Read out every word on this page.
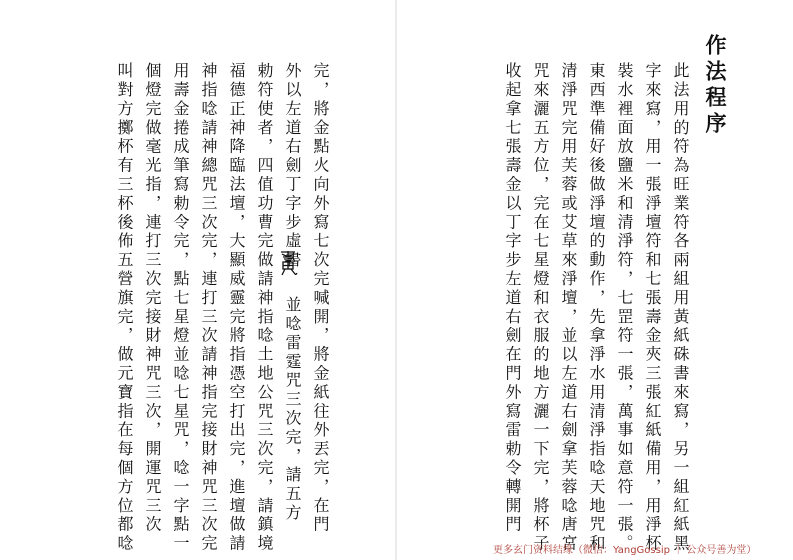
作法程序
此法用的符為旺業符各兩組用黃紙硃書來寫，另一組紅紙黑
字來寫，用一張淨壇符和七張壽金夾三張紅紙備用，用淨杯
裝水裡面放鹽米和清淨符，七罡符一張，萬事如意符一張。
東西準備好後做淨壇的動作，先拿淨水用清淨指唸天地咒和
清淨咒完用芙蓉或艾草來淨壇，並以左道右劍拿芙蓉唸唐宮
咒來灑五方位，完在七星燈和衣服的地方灑一下完，將杯子
收起拿七張壽金以丁字步左道右劍在門外寫雷勅令轉開門
完，將金點火向外寫七次完喊開，將金紙往外丟完，在門
外以左道右劍丁字步虛書
並唸雷霆咒三次完，請五方
勅符使者，四值功曹完做請神指唸土地公咒三次完，請鎮境
福德正神降臨法壇，大顯威靈完將指憑空打出完，進壇做請
神指唸請神總咒三次完，連打三次請神指完接財神咒三次完
用壽金捲成筆寫勅令完，點七星燈並唸七星咒，唸一字點一
個燈完做毫光指，連打三次完接財神咒三次，開運咒三次
叫對方擲杯有三杯後佈五營旗完，做元寶指在每個方位都唸	更多玄门资料结缘（微信：YangGossip ｜ 公众号善为堂）
